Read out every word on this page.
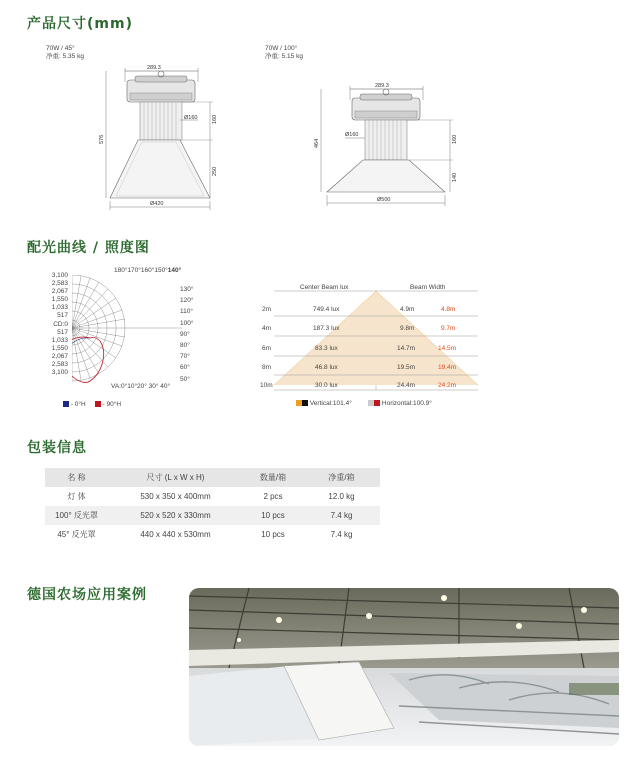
产品尺寸(mm)
配光曲线 / 照度图
包装信息
德国农场应用案例
70W / 45°
净重: 5.35 kg
70W / 100°
净重: 5.15 kg
289.3
Ø160	160
250
576
Ø420
289.3
Ø160	160
140
464
Ø500
3,100
2,583
2,067
1,550
1,033
517
CD:0
517
1,033
1,550
2,067
2,583
3,100
180°170°160°150°140°
VA:0°10°20° 30° 40°
130°
120°
110°
100°
90°
80°
70°
60°
50°
- 0°H	- 90°H
Center Beam lux	Beam Width
2m	749.4 lux	4.9m	4.8m
4m	187.3 lux	9.8m	9.7m
6m	83.3 lux	14.7m	14.5m
8m	46.8 lux	19.5m	19.4m
10m	30.0 lux	24.4m	24.2m
Vertical:101.4°	Horizontal:100.9°
名 称	尺寸 (L x W x H)	数量/箱	净重/箱
灯 体	530 x 350 x 400mm	2 pcs	12.0 kg
100° 反光罩	520 x 520 x 330mm	10 pcs	7.4 kg
45° 反光罩	440 x 440 x 530mm	10 pcs	7.4 kg
